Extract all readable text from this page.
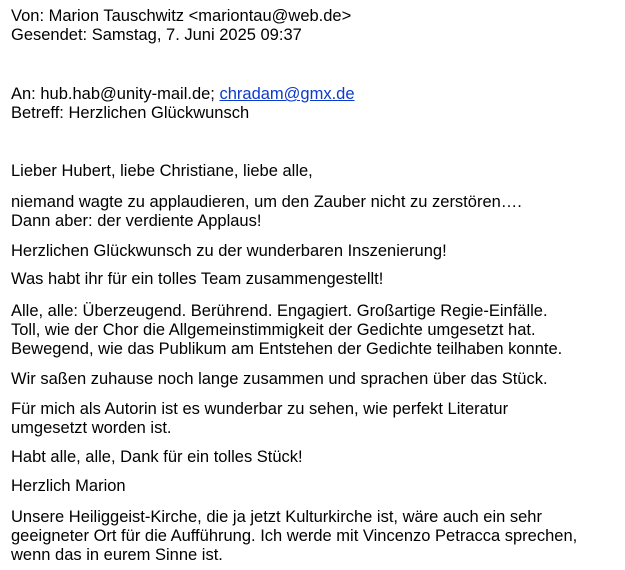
Von: Marion Tauschwitz <mariontau@web.de>
Gesendet: Samstag, 7. Juni 2025 09:37
An: hub.hab@unity-mail.de; chradam@gmx.de
Betreff: Herzlichen Glückwunsch
Lieber Hubert, liebe Christiane, liebe alle,
niemand wagte zu applaudieren, um den Zauber nicht zu zerstören….
Dann aber: der verdiente Applaus!
Herzlichen Glückwunsch zu der wunderbaren Inszenierung!
Was habt ihr für ein tolles Team zusammengestellt!
Alle, alle: Überzeugend. Berührend. Engagiert. Großartige Regie-Einfälle.
Toll, wie der Chor die Allgemeinstimmigkeit der Gedichte umgesetzt hat.
Bewegend, wie das Publikum am Entstehen der Gedichte teilhaben konnte.
Wir saßen zuhause noch lange zusammen und sprachen über das Stück.
Für mich als Autorin ist es wunderbar zu sehen, wie perfekt Literatur
umgesetzt worden ist.
Habt alle, alle, Dank für ein tolles Stück!
Herzlich Marion
Unsere Heiliggeist-Kirche, die ja jetzt Kulturkirche ist, wäre auch ein sehr
geeigneter Ort für die Aufführung. Ich werde mit Vincenzo Petracca sprechen,
wenn das in eurem Sinne ist.
